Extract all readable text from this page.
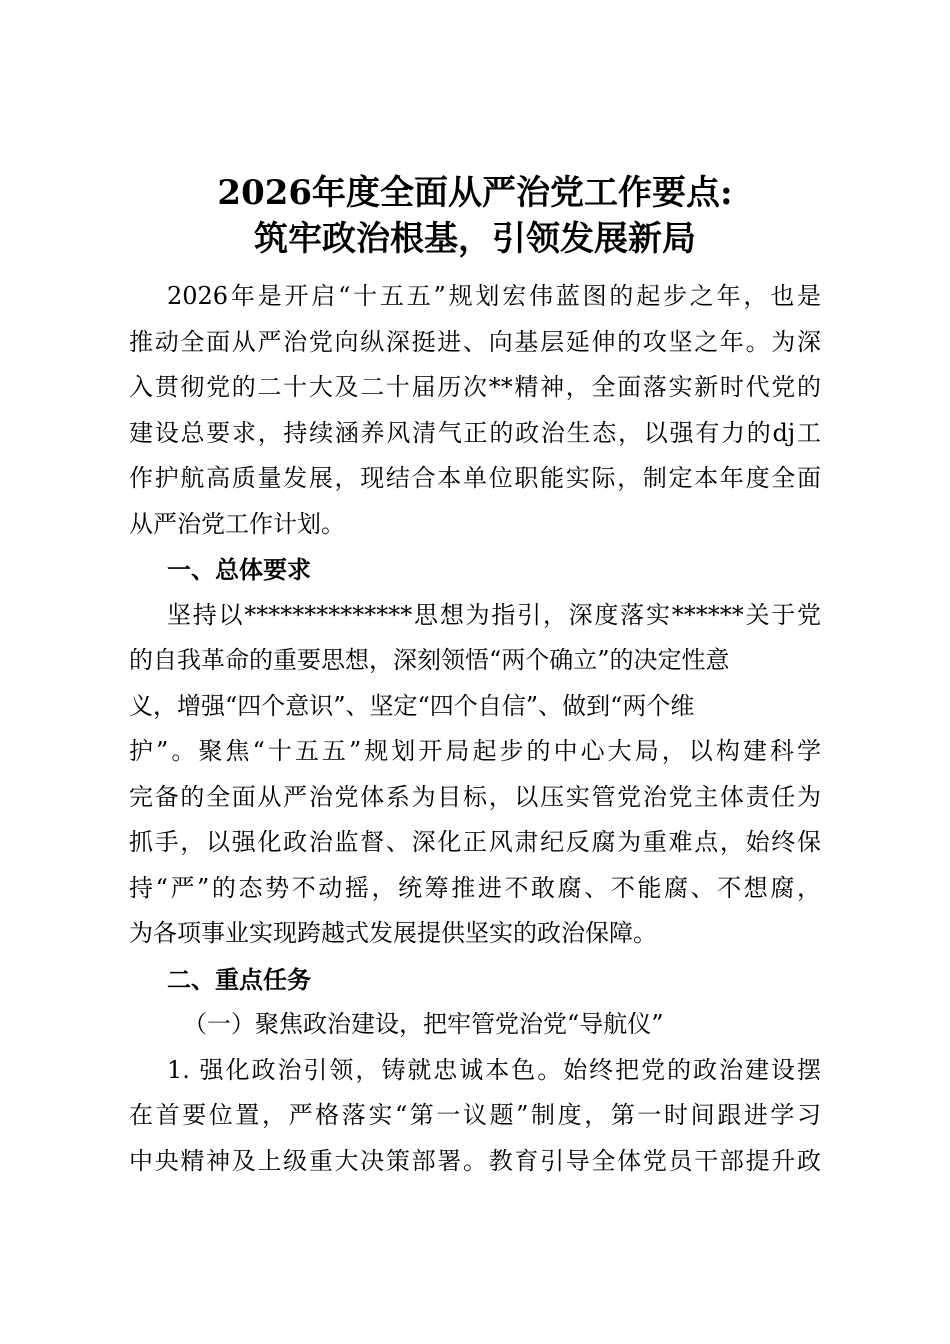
2026年度全面从严治党工作要点:
筑牢政治根基，引领发展新局
2026年是开启“十五五”规划宏伟蓝图的起步之年，也是
推动全面从严治党向纵深挺进、向基层延伸的攻坚之年。为深
入贯彻党的二十大及二十届历次**精神，全面落实新时代党的
建设总要求，持续涵养风清气正的政治生态，以强有力的dj工
作护航高质量发展，现结合本单位职能实际，制定本年度全面
从严治党工作计划。
一、总体要求
坚持以**************思想为指引，深度落实******关于党
的自我革命的重要思想，深刻领悟“两个确立”的决定性意
义，增强“四个意识”、坚定“四个自信”、做到“两个维
护”。聚焦“十五五”规划开局起步的中心大局，以构建科学
完备的全面从严治党体系为目标，以压实管党治党主体责任为
抓手，以强化政治监督、深化正风肃纪反腐为重难点，始终保
持“严”的态势不动摇，统筹推进不敢腐、不能腐、不想腐，
为各项事业实现跨越式发展提供坚实的政治保障。
二、重点任务
（一）聚焦政治建设，把牢管党治党“导航仪”
1. 强化政治引领，铸就忠诚本色。始终把党的政治建设摆
在首要位置，严格落实“第一议题”制度，第一时间跟进学习
中央精神及上级重大决策部署。教育引导全体党员干部提升政
